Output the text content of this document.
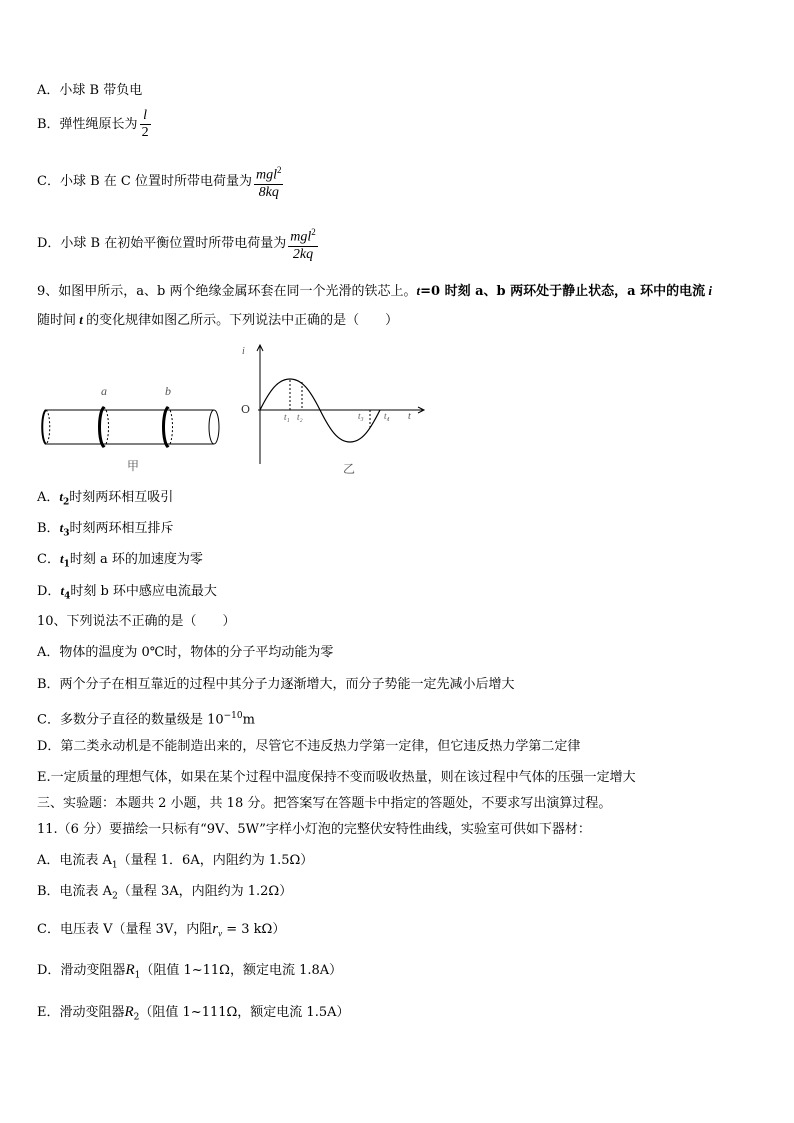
A．小球 B 带负电
B．弹性绳原长为 $\frac{l}{2}$
C．小球 B 在 C 位置时所带电荷量为 $\frac{mgl^2}{8kq}$
D．小球 B 在初始平衡位置时所带电荷量为 $\frac{mgl^2}{2kq}$
9、如图甲所示，a、b 两个绝缘金属环套在同一个光滑的铁芯上。t=0 时刻 a、b 两环处于静止状态，a 环中的电流 i
随时间 t 的变化规律如图乙所示。下列说法中正确的是（　　）
a	b
甲
i
O
t
t₁ t₂	t₃ t₄
乙
A．$t_2$时刻两环相互吸引
B．$t_3$时刻两环相互排斥
C．$t_1$时刻 a 环的加速度为零
D．$t_4$时刻 b 环中感应电流最大
10、下列说法不正确的是（　　）
A．物体的温度为 0℃时，物体的分子平均动能为零
B．两个分子在相互靠近的过程中其分子力逐渐增大，而分子势能一定先减小后增大
C．多数分子直径的数量级是 $10^{-10}m$
D．第二类永动机是不能制造出来的，尽管它不违反热力学第一定律，但它违反热力学第二定律
E.一定质量的理想气体，如果在某个过程中温度保持不变而吸收热量，则在该过程中气体的压强一定增大
三、实验题：本题共 2 小题，共 18 分。把答案写在答题卡中指定的答题处，不要求写出演算过程。
11.（6 分）要描绘一只标有“9V、5W”字样小灯泡的完整伏安特性曲线，实验室可供如下器材：
A．电流表 $A_1$（量程 1．6A，内阻约为 1.5Ω）
B．电流表 $A_2$（量程 3A，内阻约为 1.2Ω）
C．电压表 V（量程 3V，内阻$r_v = 3$ kΩ）
D．滑动变阻器$R_1$（阻值 1~11Ω，额定电流 1.8A）
E．滑动变阻器$R_2$（阻值 1~111Ω，额定电流 1.5A）
